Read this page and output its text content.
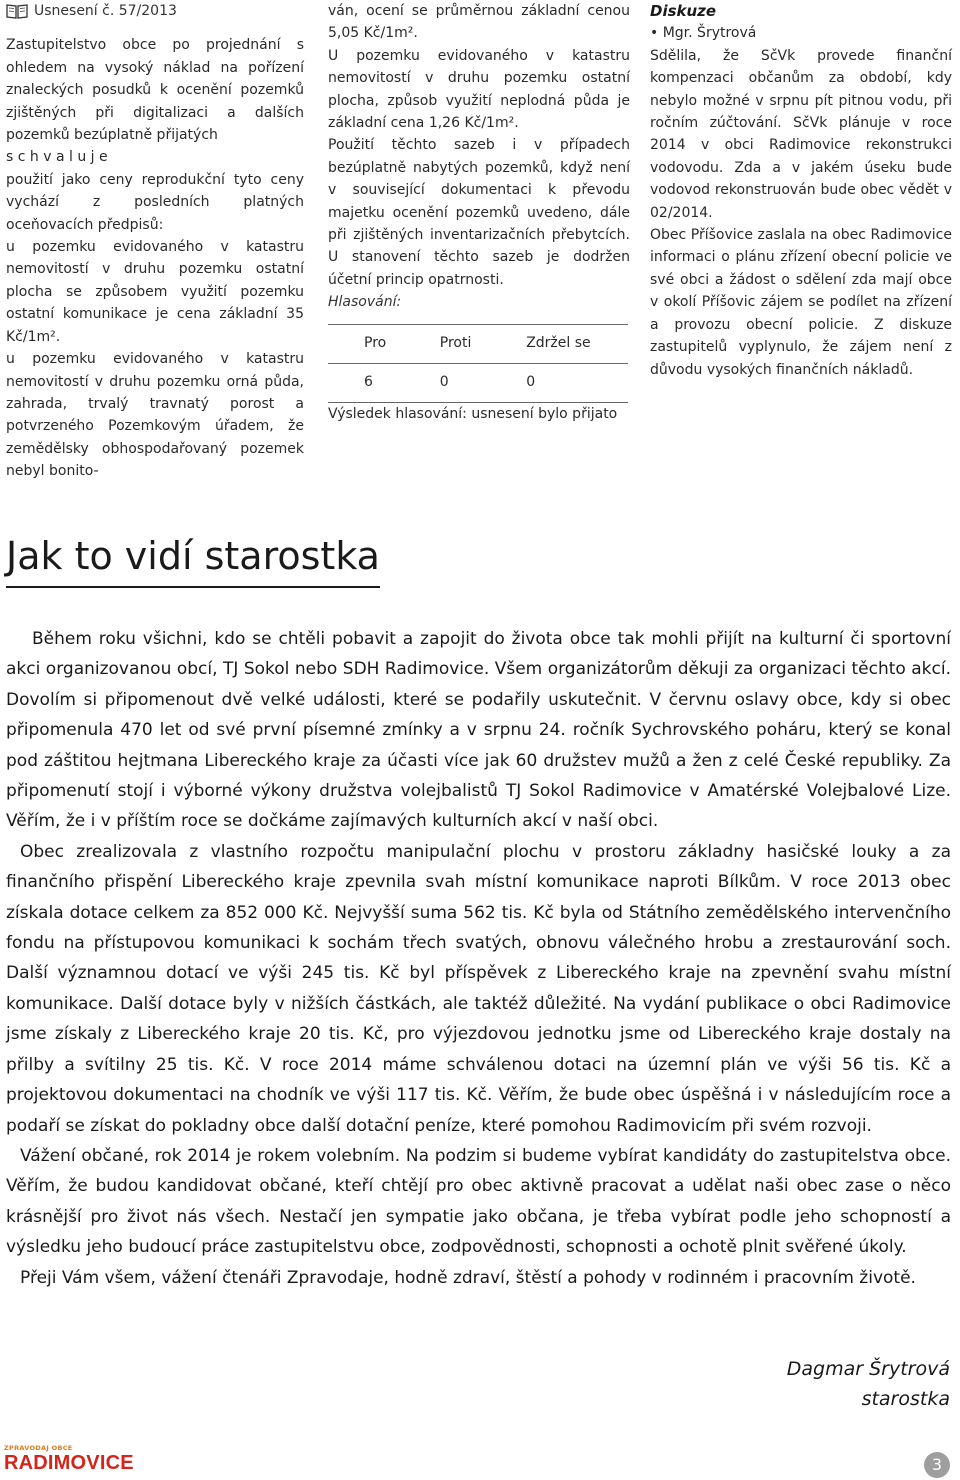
Usnesení č. 57/2013

Zastupitelstvo obce po projednání s ohledem na vysoký náklad na pořízení znaleckých posudků k ocenění pozemků zjištěných při digitalizaci a dalších pozemků bezúplatně přijatých

s c h v a l u j e

použití jako ceny reprodukční tyto ceny vychází z posledních platných oceňovacích předpisů:

u pozemku evidovaného v katastru nemovitostí v druhu pozemku ostatní plocha se způsobem využití pozemku ostatní komunikace je cena základní 35 Kč/1m².

u pozemku evidovaného v katastru nemovitostí v druhu pozemku orná půda, zahrada, trvalý travnatý porost a potvrzeného Pozemkovým úřadem, že zemědělsky obhospodařovaný pozemek nebyl bonito-

ván, ocení se průměrnou základní cenou 5,05 Kč/1m².

U pozemku evidovaného v katastru nemovitostí v druhu pozemku ostatní plocha, způsob využití neplodná půda je základní cena 1,26 Kč/1m².

Použití těchto sazeb i v případech bezúplatně nabytých pozemků, když není v související dokumentaci k převodu majetku ocenění pozemků uvedeno, dále při zjištěných inventarizačních přebytcích. U stanovení těchto sazeb je dodržen účetní princip opatrnosti.

Hlasování:

Pro	Proti	Zdržel se
6	0	0

Výsledek hlasování: usnesení bylo přijato

Diskuze

• Mgr. Šrytrová

Sdělila, že SčVk provede finanční kompenzaci občanům za období, kdy nebylo možné v srpnu pít pitnou vodu, při ročním zúčtování. SčVk plánuje v roce 2014 v obci Radimovice rekonstrukci vodovodu. Zda a v jakém úseku bude vodovod rekonstruován bude obec vědět v 02/2014.

Obec Příšovice zaslala na obec Radimovice informaci o plánu zřízení obecní policie ve své obci a žádost o sdělení zda mají obce v okolí Příšovic zájem se podílet na zřízení a provozu obecní policie. Z diskuze zastupitelů vyplynulo, že zájem není z důvodu vysokých finančních nákladů.

Jak to vidí starostka

Během roku všichni, kdo se chtěli pobavit a zapojit do života obce tak mohli přijít na kulturní či sportovní akci organizovanou obcí, TJ Sokol nebo SDH Radimovice. Všem organizátorům děkuji za organizaci těchto akcí. Dovolím si připomenout dvě velké události, které se podařily uskutečnit. V červnu oslavy obce, kdy si obec připomenula 470 let od své první písemné zmínky a v srpnu 24. ročník Sychrovského poháru, který se konal pod záštitou hejtmana Libereckého kraje za účasti více jak 60 družstev mužů a žen z celé České republiky. Za připomenutí stojí i výborné výkony družstva volejbalistů TJ Sokol Radimovice v Amatérské Volejbalové Lize. Věřím, že i v příštím roce se dočkáme zajímavých kulturních akcí v naší obci.

Obec zrealizovala z vlastního rozpočtu manipulační plochu v prostoru základny hasičské louky a za finančního přispění Libereckého kraje zpevnila svah místní komunikace naproti Bílkům. V roce 2013 obec získala dotace celkem za 852 000 Kč. Nejvyšší suma 562 tis. Kč byla od Státního zemědělského intervenčního fondu na přístupovou komunikaci k sochám třech svatých, obnovu válečného hrobu a zrestaurování soch. Další významnou dotací ve výši 245 tis. Kč byl příspěvek z Libereckého kraje na zpevnění svahu místní komunikace. Další dotace byly v nižších částkách, ale taktéž důležité. Na vydání publikace o obci Radimovice jsme získaly z Libereckého kraje 20 tis. Kč, pro výjezdovou jednotku jsme od Libereckého kraje dostaly na přilby a svítilny 25 tis. Kč. V roce 2014 máme schválenou dotaci na územní plán ve výši 56 tis. Kč a projektovou dokumentaci na chodník ve výši 117 tis. Kč. Věřím, že bude obec úspěšná i v následujícím roce a podaří se získat do pokladny obce další dotační peníze, které pomohou Radimovicím při svém rozvoji.

Vážení občané, rok 2014 je rokem volebním. Na podzim si budeme vybírat kandidáty do zastupitelstva obce. Věřím, že budou kandidovat občané, kteří chtějí pro obec aktivně pracovat a udělat naši obec zase o něco krásnější pro život nás všech. Nestačí jen sympatie jako občana, je třeba vybírat podle jeho schopností a výsledku jeho budoucí práce zastupitelstvu obce, zodpovědnosti, schopnosti a ochotě plnit svěřené úkoly.

Přeji Vám všem, vážení čtenáři Zpravodaje, hodně zdraví, štěstí a pohody v rodinném i pracovním životě.

Dagmar Šrytrová
starostka
ZPRAVODAJ OBCE
RADIMOVICE	3
